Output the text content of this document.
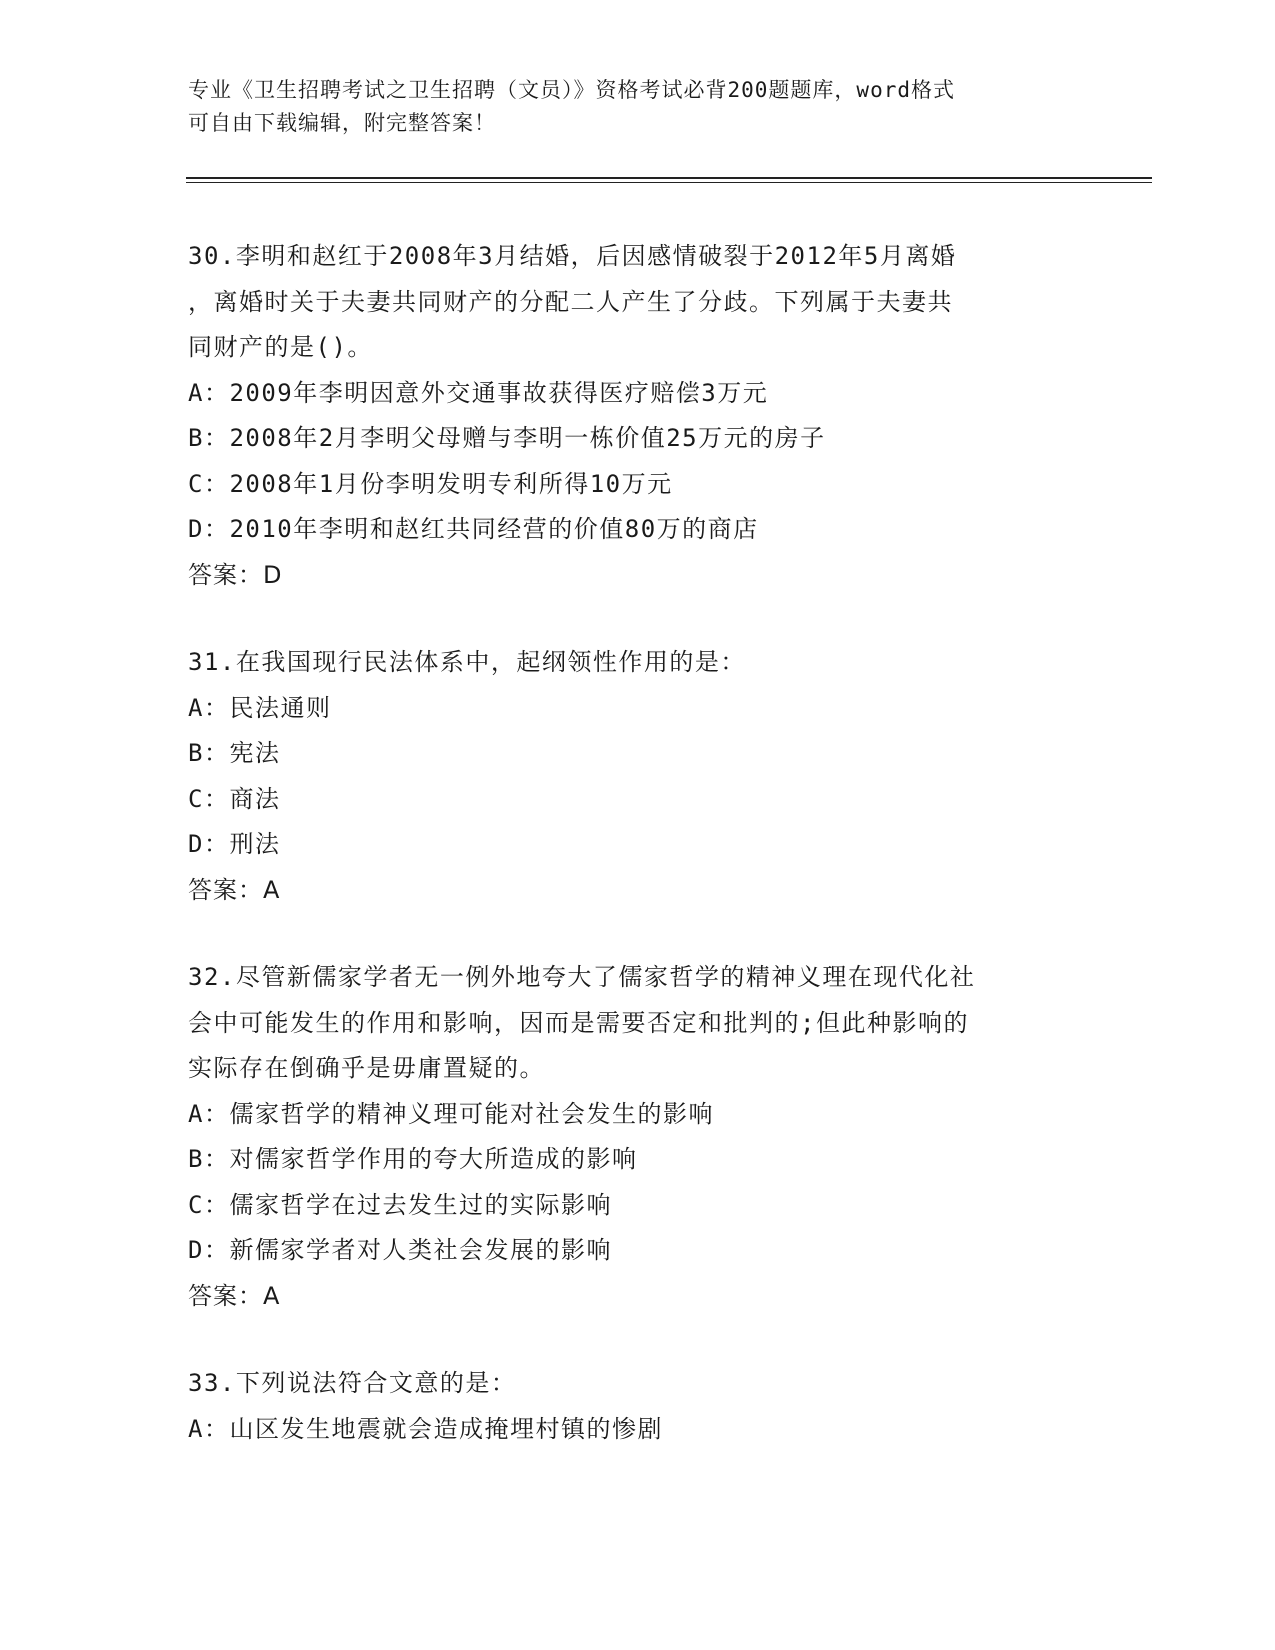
专业《卫生招聘考试之卫生招聘（文员）》资格考试必背200题题库，word格式
可自由下载编辑，附完整答案！
30.李明和赵红于2008年3月结婚，后因感情破裂于2012年5月离婚
，离婚时关于夫妻共同财产的分配二人产生了分歧。下列属于夫妻共
同财产的是()。
A：2009年李明因意外交通事故获得医疗赔偿3万元
B：2008年2月李明父母赠与李明一栋价值25万元的房子
C：2008年1月份李明发明专利所得10万元
D：2010年李明和赵红共同经营的价值80万的商店
答案：D
31.在我国现行民法体系中，起纲领性作用的是：
A：民法通则
B：宪法
C：商法
D：刑法
答案：A
32.尽管新儒家学者无一例外地夸大了儒家哲学的精神义理在现代化社
会中可能发生的作用和影响，因而是需要否定和批判的;但此种影响的
实际存在倒确乎是毋庸置疑的。
A：儒家哲学的精神义理可能对社会发生的影响
B：对儒家哲学作用的夸大所造成的影响
C：儒家哲学在过去发生过的实际影响
D：新儒家学者对人类社会发展的影响
答案：A
33.下列说法符合文意的是：
A：山区发生地震就会造成掩埋村镇的惨剧
